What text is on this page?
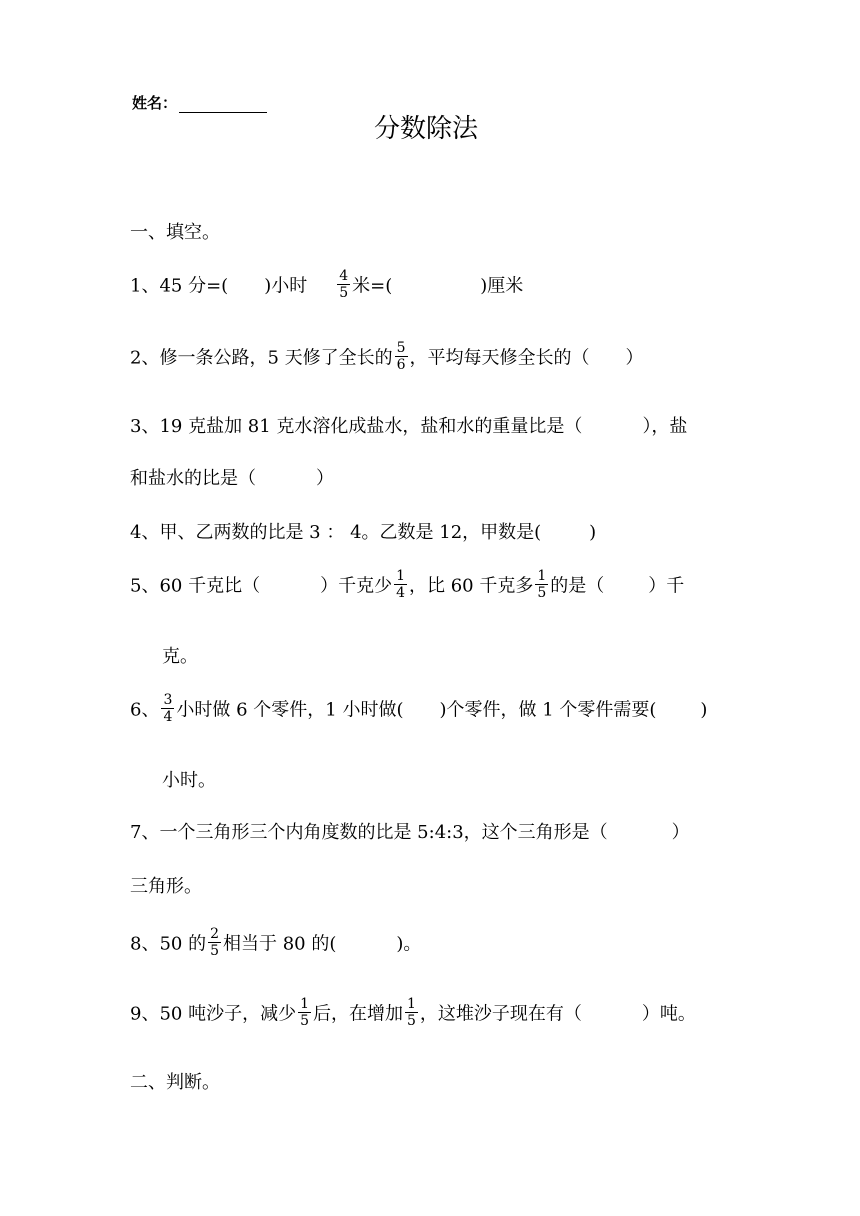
姓名：
分数除法
一、填空。
1、45 分=( )小时 $\frac{4}{5}$ 米=(	)厘米
2、修一条公路，5 天修了全长的 $\frac{5}{6}$ ，平均每天修全长的（ ）
3、19 克盐加 81 克水溶化成盐水，盐和水的重量比是（	），盐
和盐水的比是（	）
4、甲、乙两数的比是 3 ： 4。乙数是 12，甲数是(	)
5、60 千克比（	）千克少 $\frac{1}{4}$ ，比 60 千克多 $\frac{1}{5}$ 的是（ ）千
克。
6、 $\frac{3}{4}$ 小时做 6 个零件，1 小时做( )个零件，做 1 个零件需要( )
小时。
7、一个三角形三个内角度数的比是 5:4:3，这个三角形是（	）
三角形。
8、50 的 $\frac{2}{5}$ 相当于 80 的(	)。
9、50 吨沙子，减少 $\frac{1}{5}$ 后，在增加 $\frac{1}{5}$ ，这堆沙子现在有（	）吨。
二、判断。
